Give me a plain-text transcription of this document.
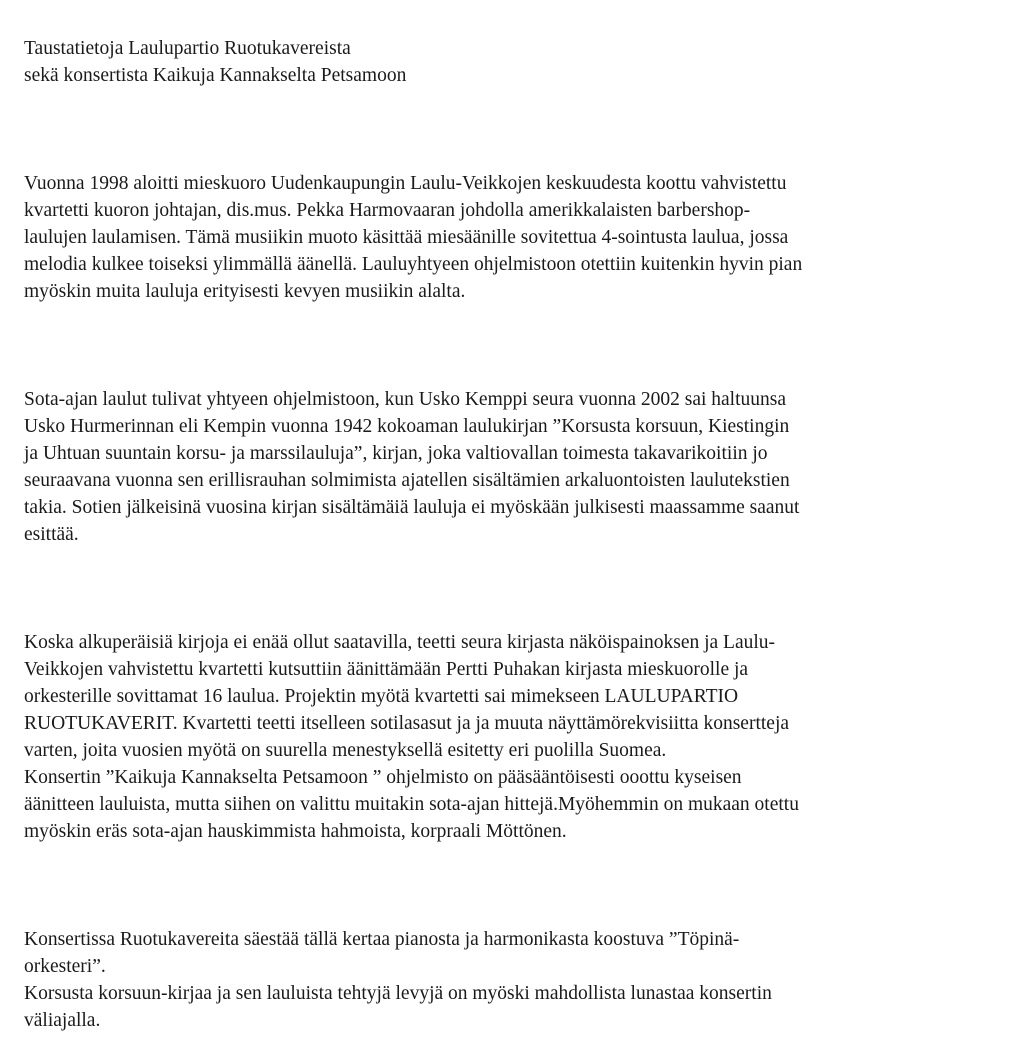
Taustatietoja Laulupartio Ruotukavereista
sekä konsertista Kaikuja Kannakselta Petsamoon

Vuonna 1998 aloitti mieskuoro Uudenkaupungin Laulu-Veikkojen keskuudesta koottu vahvistettu
kvartetti kuoron johtajan, dis.mus. Pekka Harmovaaran johdolla amerikkalaisten barbershop-
laulujen laulamisen. Tämä musiikin muoto käsittää miesäänille sovitettua 4-sointusta laulua, jossa
melodia kulkee toiseksi ylimmällä äänellä. Lauluyhtyeen ohjelmistoon otettiin kuitenkin hyvin pian
myöskin muita lauluja erityisesti kevyen musiikin alalta.

Sota-ajan laulut tulivat yhtyeen ohjelmistoon, kun Usko Kemppi seura vuonna 2002 sai haltuunsa
Usko Hurmerinnan eli Kempin vuonna 1942 kokoaman laulukirjan ”Korsusta korsuun, Kiestingin
ja Uhtuan suuntain korsu- ja marssilauluja”, kirjan, joka valtiovallan toimesta takavarikoitiin jo
seuraavana vuonna sen erillisrauhan solmimista ajatellen sisältämien arkaluontoisten laulutekstien
takia. Sotien jälkeisinä vuosina kirjan sisältämäiä lauluja ei myöskään julkisesti maassamme saanut
esittää.

Koska alkuperäisiä kirjoja ei enää ollut saatavilla, teetti seura kirjasta näköispainoksen ja Laulu-
Veikkojen vahvistettu kvartetti kutsuttiin äänittämään Pertti Puhakan kirjasta mieskuorolle ja
orkesterille sovittamat 16 laulua. Projektin myötä kvartetti sai mimekseen LAULUPARTIO
RUOTUKAVERIT. Kvartetti teetti itselleen sotilasasut ja ja muuta näyttämörekvisiitta konsertteja
varten, joita vuosien myötä on suurella menestyksellä esitetty eri puolilla Suomea.
Konsertin ”Kaikuja Kannakselta Petsamoon ” ohjelmisto on pääsääntöisesti ooottu kyseisen
äänitteen lauluista, mutta siihen on valittu muitakin sota-ajan hittejä.Myöhemmin on mukaan otettu
myöskin eräs sota-ajan hauskimmista hahmoista, korpraali Möttönen.

Konsertissa Ruotukavereita säestää tällä kertaa pianosta ja harmonikasta koostuva ”Töpinä-
orkesteri”.
Korsusta korsuun-kirjaa ja sen lauluista tehtyjä levyjä on myöski mahdollista lunastaa konsertin
väliajalla.
